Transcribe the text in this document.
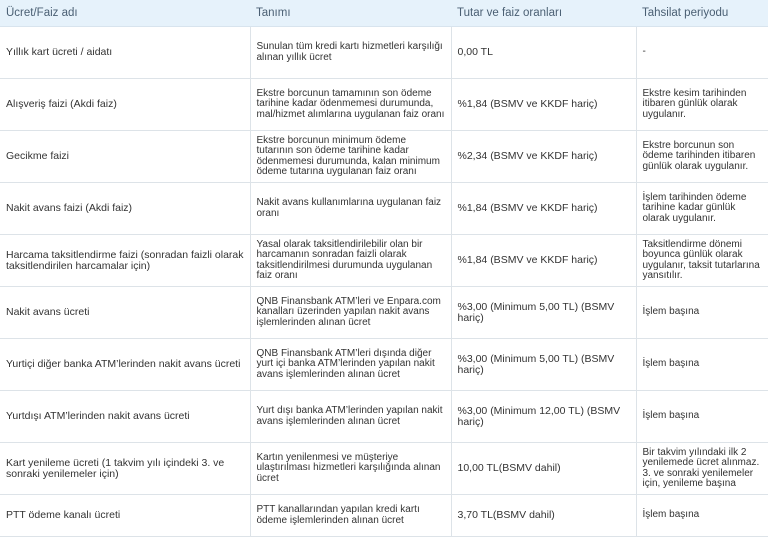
Ücret/Faiz adı	Tanımı	Tutar ve faiz oranları	Tahsilat periyodu
Yıllık kart ücreti / aidatı	Sunulan tüm kredi kartı hizmetleri karşılığı alınan yıllık ücret	0,00 TL	-
Alışveriş faizi (Akdi faiz)	Ekstre borcunun tamamının son ödeme tarihine kadar ödenmemesi durumunda, mal/hizmet alımlarına uygulanan faiz oranı	%1,84 (BSMV ve KKDF hariç)	Ekstre kesim tarihinden itibaren günlük olarak uygulanır.
Gecikme faizi	Ekstre borcunun minimum ödeme tutarının son ödeme tarihine kadar ödenmemesi durumunda, kalan minimum ödeme tutarına uygulanan faiz oranı	%2,34 (BSMV ve KKDF hariç)	Ekstre borcunun son ödeme tarihinden itibaren günlük olarak uygulanır.
Nakit avans faizi (Akdi faiz)	Nakit avans kullanımlarına uygulanan faiz oranı	%1,84 (BSMV ve KKDF hariç)	İşlem tarihinden ödeme tarihine kadar günlük olarak uygulanır.
Harcama taksitlendirme faizi (sonradan faizli olarak taksitlendirilen harcamalar için)	Yasal olarak taksitlendirilebilir olan bir harcamanın sonradan faizli olarak taksitlendirilmesi durumunda uygulanan faiz oranı	%1,84 (BSMV ve KKDF hariç)	Taksitlendirme dönemi boyunca günlük olarak uygulanır, taksit tutarlarına yansıtılır.
Nakit avans ücreti	QNB Finansbank ATM’leri ve Enpara.com kanalları üzerinden yapılan nakit avans işlemlerinden alınan ücret	%3,00 (Minimum 5,00 TL) (BSMV hariç)	İşlem başına
Yurtiçi diğer banka ATM’lerinden nakit avans ücreti	QNB Finansbank ATM’leri dışında diğer yurt içi banka ATM’lerinden yapılan nakit avans işlemlerinden alınan ücret	%3,00 (Minimum 5,00 TL) (BSMV hariç)	İşlem başına
Yurtdışı ATM’lerinden nakit avans ücreti	Yurt dışı banka ATM’lerinden yapılan nakit avans işlemlerinden alınan ücret	%3,00 (Minimum 12,00 TL) (BSMV hariç)	İşlem başına
Kart yenileme ücreti (1 takvim yılı içindeki 3. ve sonraki yenilemeler için)	Kartın yenilenmesi ve müşteriye ulaştırılması hizmetleri karşılığında alınan ücret	10,00 TL(BSMV dahil)	Bir takvim yılındaki ilk 2 yenilemede ücret alınmaz. 3. ve sonraki yenilemeler için, yenileme başına
PTT ödeme kanalı ücreti	PTT kanallarından yapılan kredi kartı ödeme işlemlerinden alınan ücret	3,70 TL(BSMV dahil)	İşlem başına
